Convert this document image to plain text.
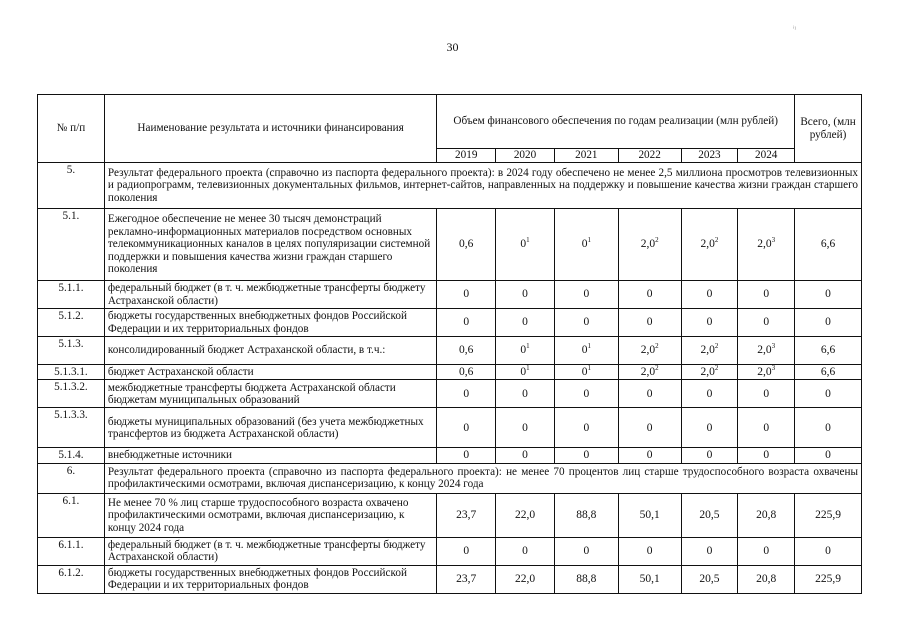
30
ᵢ₁
№ п/п	Наименование результата и источники финансирования	Объем финансового обеспечения по годам реализации (млн рублей)						Всего, (млн рублей)
		2019	2020	2021	2022	2023	2024	
5.	Результат федерального проекта (справочно из паспорта федерального проекта): в 2024 году обеспечено не менее 2,5 миллиона просмотров телевизионных и радиопрограмм, телевизионных документальных фильмов, интернет-сайтов, направленных на поддержку и повышение качества жизни граждан старшего поколения							
5.1.	Ежегодное обеспечение не менее 30 тысяч демонстраций рекламно-информационных материалов посредством основных телекоммуникационных каналов в целях популяризации системной поддержки и повышения качества жизни граждан старшего поколения	0,6	$0^1$	$0^1$	$2,0^2$	$2,0^2$	$2,0^3$	6,6
5.1.1.	федеральный бюджет (в т. ч. межбюджетные трансферты бюджету Астраханской области)	0	0	0	0	0	0	0
5.1.2.	бюджеты государственных внебюджетных фондов Российской Федерации и их территориальных фондов	0	0	0	0	0	0	0
5.1.3.	консолидированный бюджет Астраханской области, в т.ч.:	0,6	$0^1$	$0^1$	$2,0^2$	$2,0^2$	$2,0^3$	6,6
5.1.3.1.	бюджет Астраханской области	0,6	$0^1$	$0^1$	$2,0^2$	$2,0^2$	$2,0^3$	6,6
5.1.3.2.	межбюджетные трансферты бюджета Астраханской области бюджетам муниципальных образований	0	0	0	0	0	0	0
5.1.3.3.	бюджеты муниципальных образований (без учета межбюджетных трансфертов из бюджета Астраханской области)	0	0	0	0	0	0	0
5.1.4.	внебюджетные источники	0	0	0	0	0	0	0
6.	Результат федерального проекта (справочно из паспорта федерального проекта): не менее 70 процентов лиц старше трудоспособного возраста охвачены профилактическими осмотрами, включая диспансеризацию, к концу 2024 года							
6.1.	Не менее 70 % лиц старше трудоспособного возраста охвачено профилактическими осмотрами, включая диспансеризацию, к концу 2024 года	23,7	22,0	88,8	50,1	20,5	20,8	225,9
6.1.1.	федеральный бюджет (в т. ч. межбюджетные трансферты бюджету Астраханской области)	0	0	0	0	0	0	0
6.1.2.	бюджеты государственных внебюджетных фондов Российской Федерации и их территориальных фондов	23,7	22,0	88,8	50,1	20,5	20,8	225,9
